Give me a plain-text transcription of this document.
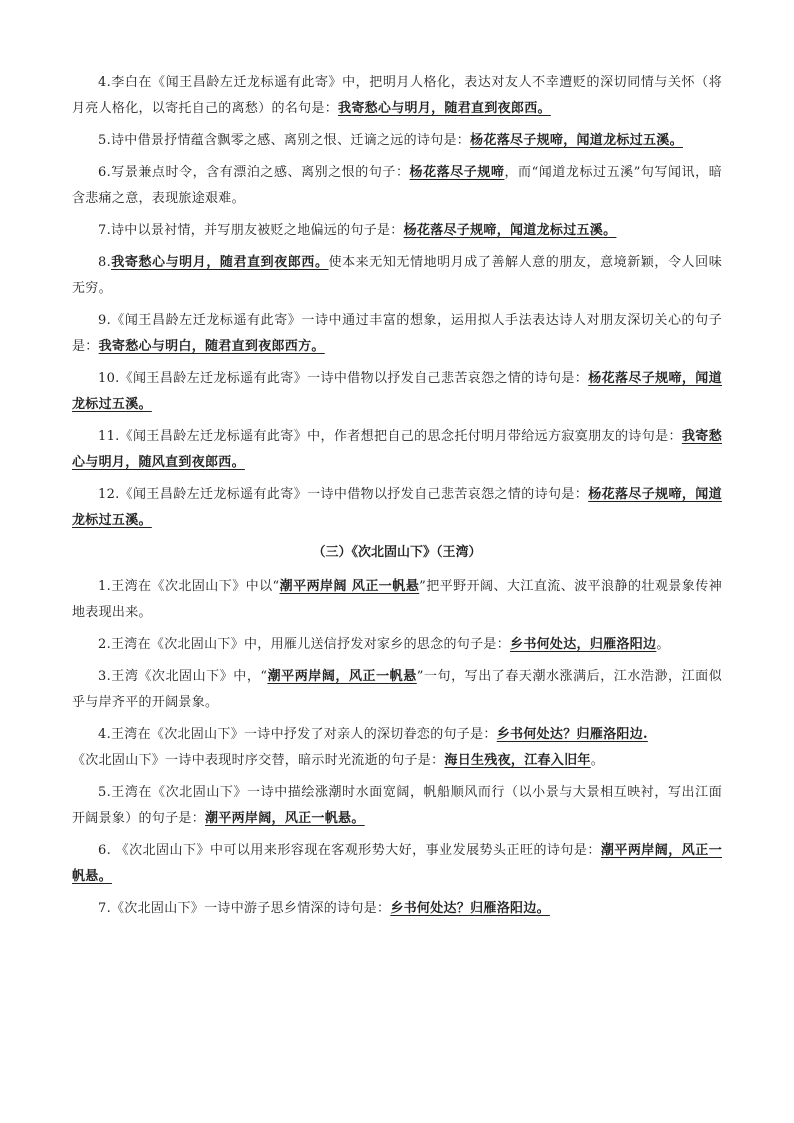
4.李白在《闻王昌龄左迁龙标遥有此寄》中，把明月人格化，表达对友人不幸遭贬的深切同情与关怀（将月亮人格化，以寄托自己的离愁）的名句是：我寄愁心与明月，随君直到夜郎西。

5.诗中借景抒情蕴含飘零之感、离别之恨、迁谪之远的诗句是：杨花落尽子规啼，闻道龙标过五溪。

6.写景兼点时令，含有漂泊之感、离别之恨的句子：杨花落尽子规啼，而“闻道龙标过五溪”句写闻讯，暗含悲痛之意，表现旅途艰难。

7.诗中以景衬情，并写朋友被贬之地偏远的句子是：杨花落尽子规啼，闻道龙标过五溪。

8.我寄愁心与明月，随君直到夜郎西。使本来无知无情地明月成了善解人意的朋友，意境新颖，令人回味无穷。

9.《闻王昌龄左迁龙标遥有此寄》一诗中通过丰富的想象，运用拟人手法表达诗人对朋友深切关心的句子是：我寄愁心与明白，随君直到夜郎西方。

10.《闻王昌龄左迁龙标遥有此寄》一诗中借物以抒发自己悲苦哀怨之情的诗句是：杨花落尽子规啼，闻道龙标过五溪。

11.《闻王昌龄左迁龙标遥有此寄》中，作者想把自己的思念托付明月带给远方寂寞朋友的诗句是：我寄愁心与明月，随风直到夜郎西。

12.《闻王昌龄左迁龙标遥有此寄》一诗中借物以抒发自己悲苦哀怨之情的诗句是：杨花落尽子规啼，闻道龙标过五溪。

（三）《次北固山下》（王湾）

1.王湾在《次北固山下》中以“潮平两岸阔 风正一帆悬”把平野开阔、大江直流、波平浪静的壮观景象传神地表现出来。

2.王湾在《次北固山下》中，用雁儿送信抒发对家乡的思念的句子是：乡书何处达，归雁洛阳边。

3.王湾《次北固山下》中，“潮平两岸阔，风正一帆悬”一句，写出了春天潮水涨满后，江水浩渺，江面似乎与岸齐平的开阔景象。

4.王湾在《次北固山下》一诗中抒发了对亲人的深切眷恋的句子是：乡书何处达？归雁洛阳边.

《次北固山下》一诗中表现时序交替，暗示时光流逝的句子是：海日生残夜，江春入旧年。

5.王湾在《次北固山下》一诗中描绘涨潮时水面宽阔，帆船顺风而行（以小景与大景相互映衬，写出江面开阔景象）的句子是：潮平两岸阔，风正一帆悬。

6. 《次北固山下》中可以用来形容现在客观形势大好，事业发展势头正旺的诗句是：潮平两岸阔，风正一帆悬。

7.《次北固山下》一诗中游子思乡情深的诗句是：乡书何处达？归雁洛阳边。
